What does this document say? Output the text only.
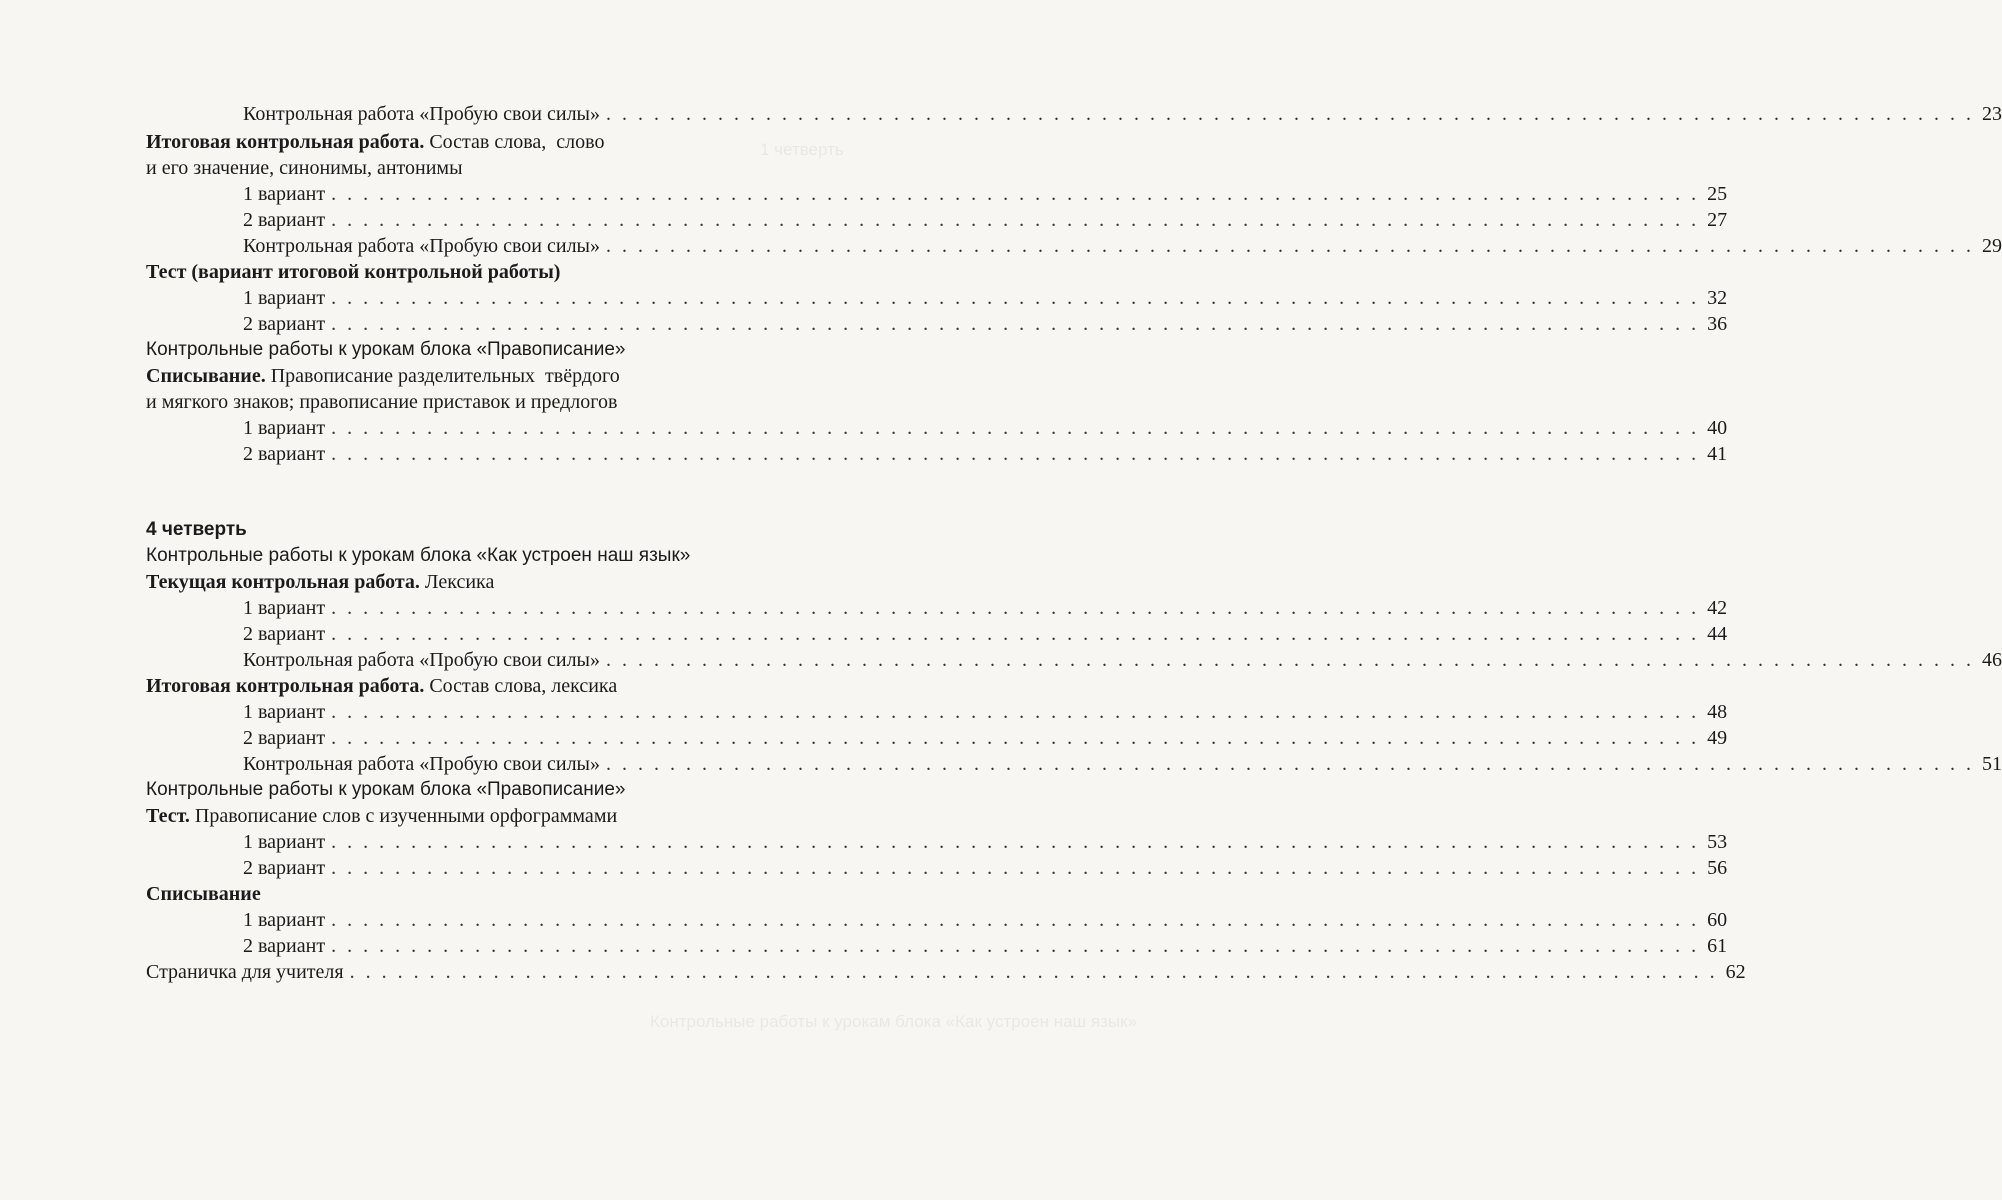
1 четверть
Контрольные работы к урокам блока «Как устроен наш язык»
Контрольная работа «Пробую свои силы» . . .	23
Итоговая контрольная работа. Состав слова,  слово
и его значение, синонимы, антонимы
1 вариант . . .	25
2 вариант . . .	27
Контрольная работа «Пробую свои силы» . . .	29
Тест (вариант итоговой контрольной работы)
1 вариант . . .	32
2 вариант . . .	36
Контрольные работы к урокам блока «Правописание»
Списывание. Правописание разделительных  твёрдого
и мягкого знаков; правописание приставок и предлогов
1 вариант . . .	40
2 вариант . . .	41
4 четверть
Контрольные работы к урокам блока «Как устроен наш язык»
Текущая контрольная работа. Лексика
1 вариант . . .	42
2 вариант . . .	44
Контрольная работа «Пробую свои силы» . . .	46
Итоговая контрольная работа. Состав слова, лексика
1 вариант . . .	48
2 вариант . . .	49
Контрольная работа «Пробую свои силы» . . .	51
Контрольные работы к урокам блока «Правописание»
Тест. Правописание слов с изученными орфограммами
1 вариант . . .	53
2 вариант . . .	56
Списывание
1 вариант . . .	60
2 вариант . . .	61
Страничка для учителя . . .	62
